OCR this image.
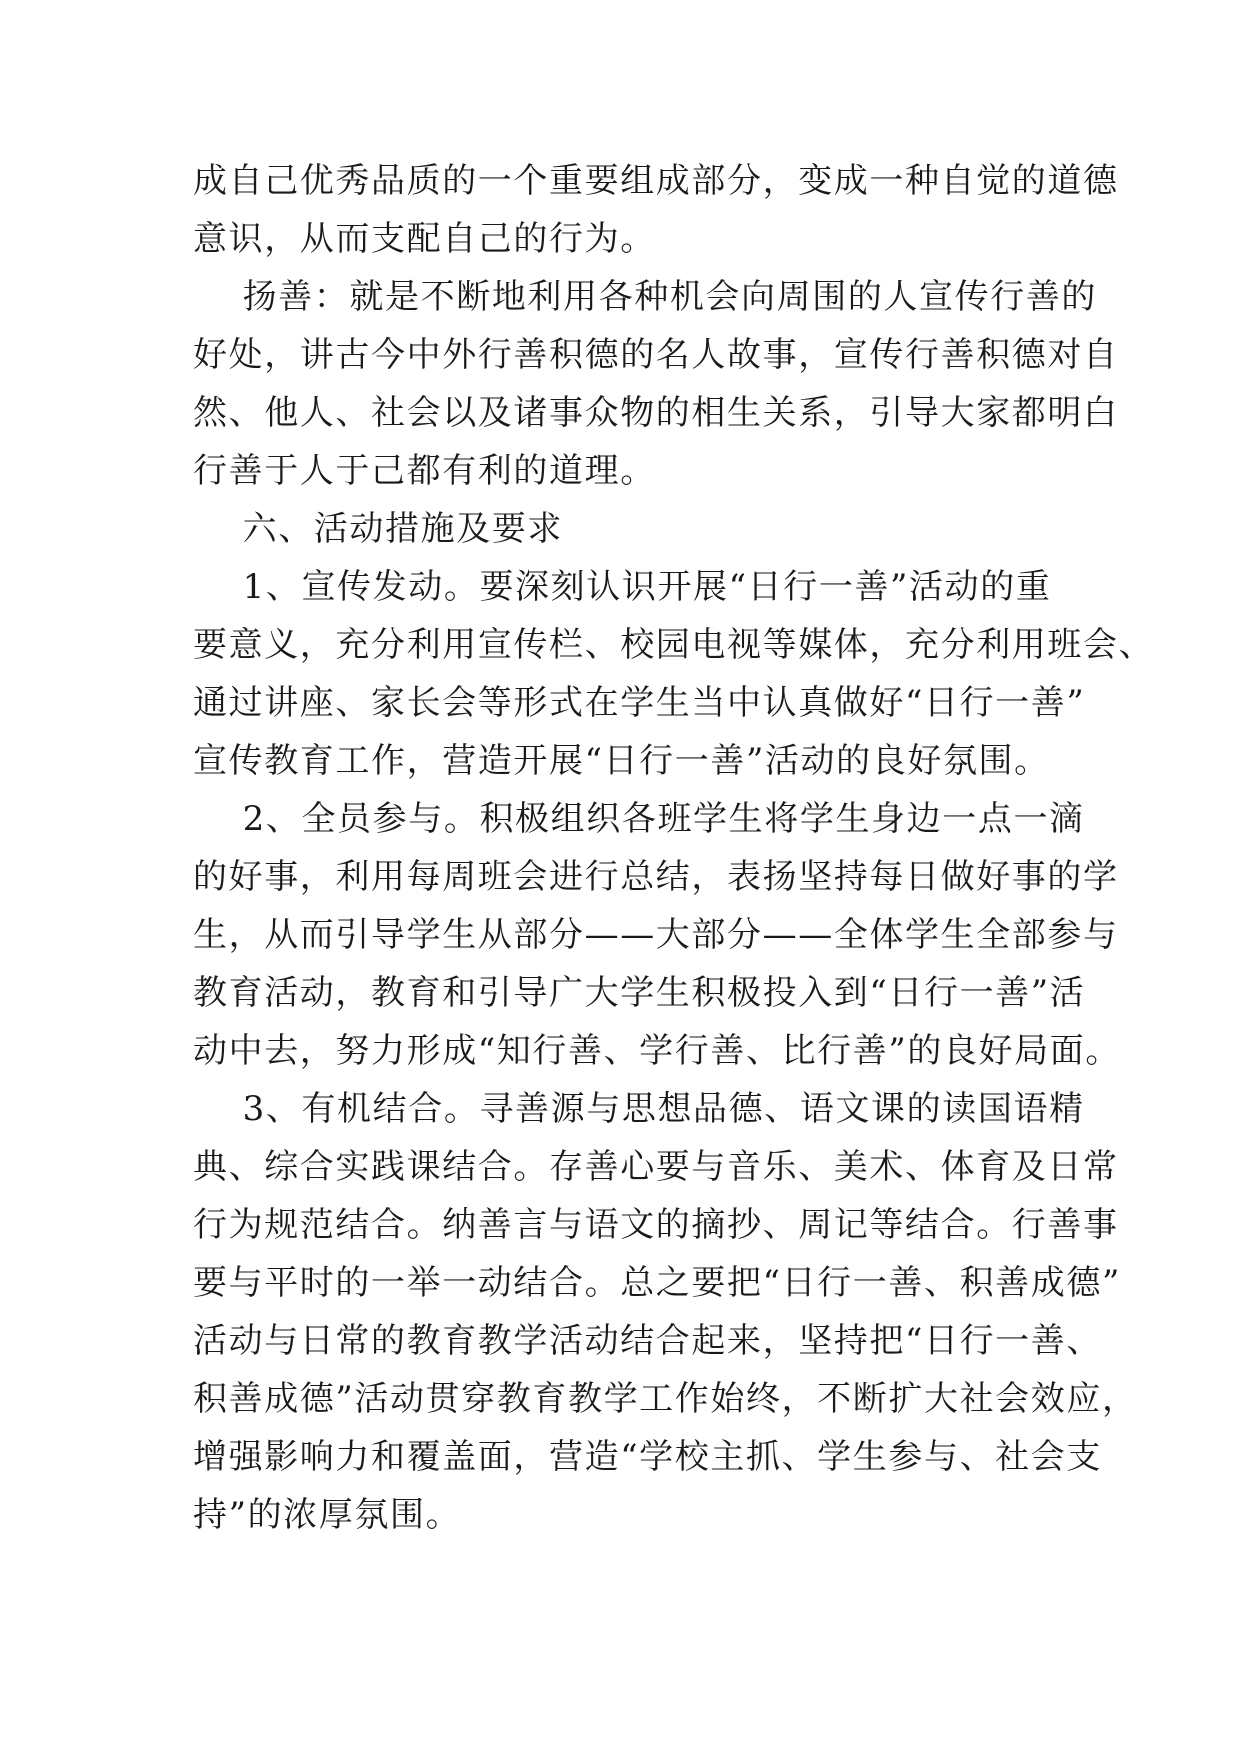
成自己优秀品质的一个重要组成部分，变成一种自觉的道德
意识，从而支配自己的行为。
扬善：就是不断地利用各种机会向周围的人宣传行善的
好处，讲古今中外行善积德的名人故事，宣传行善积德对自
然、他人、社会以及诸事众物的相生关系，引导大家都明白
行善于人于己都有利的道理。
六、活动措施及要求
1、宣传发动。要深刻认识开展“日行一善”活动的重
要意义，充分利用宣传栏、校园电视等媒体，充分利用班会、
通过讲座、家长会等形式在学生当中认真做好“日行一善”
宣传教育工作，营造开展“日行一善”活动的良好氛围。
2、全员参与。积极组织各班学生将学生身边一点一滴
的好事，利用每周班会进行总结，表扬坚持每日做好事的学
生，从而引导学生从部分——大部分——全体学生全部参与
教育活动，教育和引导广大学生积极投入到“日行一善”活
动中去，努力形成“知行善、学行善、比行善”的良好局面。
3、有机结合。寻善源与思想品德、语文课的读国语精
典、综合实践课结合。存善心要与音乐、美术、体育及日常
行为规范结合。纳善言与语文的摘抄、周记等结合。行善事
要与平时的一举一动结合。总之要把“日行一善、积善成德”
活动与日常的教育教学活动结合起来，坚持把“日行一善、
积善成德”活动贯穿教育教学工作始终，不断扩大社会效应，
增强影响力和覆盖面，营造“学校主抓、学生参与、社会支
持”的浓厚氛围。
